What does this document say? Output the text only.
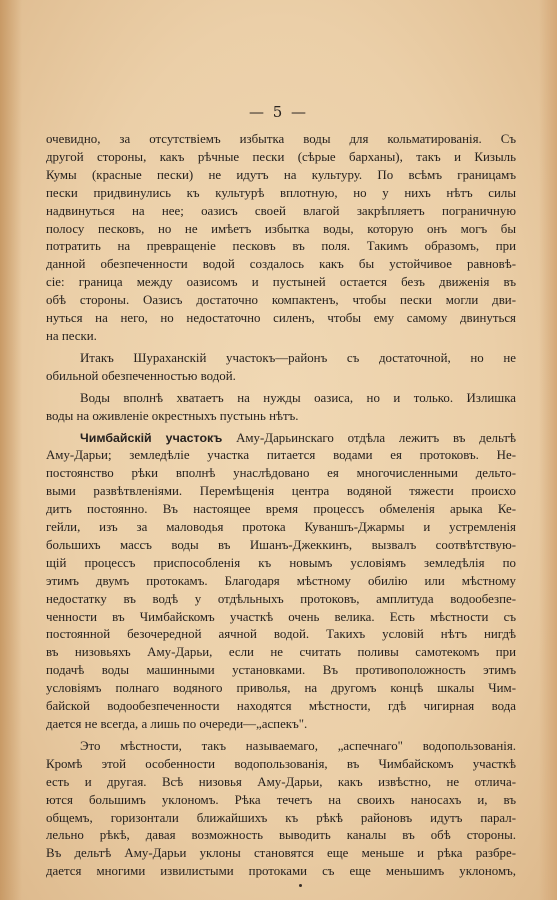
— 5 —
очевидно, за отсутствіемъ избытка воды для кольматированія. Съ
другой стороны, какъ рѣчные пески (сѣрые барханы), такъ и Кизыль
Кумы (красные пески) не идутъ на культуру. По всѣмъ границамъ
пески придвинулись къ культурѣ вплотную, но у нихъ нѣтъ силы
надвинуться на нее; оазисъ своей влагой закрѣпляетъ пограничную
полосу песковъ, но не имѣетъ избытка воды, которую онъ могъ бы
потратить на превращеніе песковъ въ поля. Такимъ образомъ, при
данной обезпеченности водой создалось какъ бы устойчивое равновѣ-
сіе: граница между оазисомъ и пустыней остается безъ движенія въ
обѣ стороны. Оазисъ достаточно компактенъ, чтобы пески могли дви-
нуться на него, но недостаточно силенъ, чтобы ему самому двинуться
на пески.
Итакъ Шураханскій участокъ—районъ съ достаточной, но не
обильной обезпеченностью водой.
Воды вполнѣ хватаетъ на нужды оазиса, но и только. Излишка
воды на оживленіе окрестныхъ пустынь нѣтъ.
Чимбайскій участокъ Аму-Дарьинскаго отдѣла лежитъ въ дельтѣ
Аму-Дарьи; земледѣліе участка питается водами ея протоковъ. Не-
постоянство рѣки вполнѣ унаслѣдовано ея многочисленными дельто-
выми развѣтвленіями. Перемѣщенія центра водяной тяжести происхо
дитъ постоянно. Въ настоящее время процессъ обмеленія арыка Ке-
гейли, изъ за маловодья протока Куваншъ-Джармы и устремленія
большихъ массъ воды въ Ишанъ-Джеккинъ, вызвалъ соотвѣтствую-
щій процессъ приспособленія къ новымъ условіямъ земледѣлія по
этимъ двумъ протокамъ. Благодаря мѣстному обилію или мѣстному
недостатку въ водѣ у отдѣльныхъ протоковъ, амплитуда водообезпе-
ченности въ Чимбайскомъ участкѣ очень велика. Есть мѣстности съ
постоянной безочередной аячной водой. Такихъ условій нѣтъ нигдѣ
въ низовьяхъ Аму-Дарьи, если не считать поливы самотекомъ при
подачѣ воды машинными установками. Въ противоположность этимъ
условіямъ полнаго водяного приволья, на другомъ концѣ шкалы Чим-
байской водообезпеченности находятся мѣстности, гдѣ чигирная вода
дается не всегда, а лишь по очереди—„аспекъ".
Это мѣстности, такъ называемаго, „аспечнаго" водопользованія.
Кромѣ этой особенности водопользованія, въ Чимбайскомъ участкѣ
есть и другая. Всѣ низовья Аму-Дарьи, какъ извѣстно, не отлича-
ются большимъ уклономъ. Рѣка течетъ на своихъ наносахъ и, въ
общемъ, горизонтали ближайшихъ къ рѣкѣ районовъ идутъ парал-
лельно рѣкѣ, давая возможность выводить каналы въ обѣ стороны.
Въ дельтѣ Аму-Дарьи уклоны становятся еще меньше и рѣка разбре-
дается многими извилистыми протоками съ еще меньшимъ уклономъ,
